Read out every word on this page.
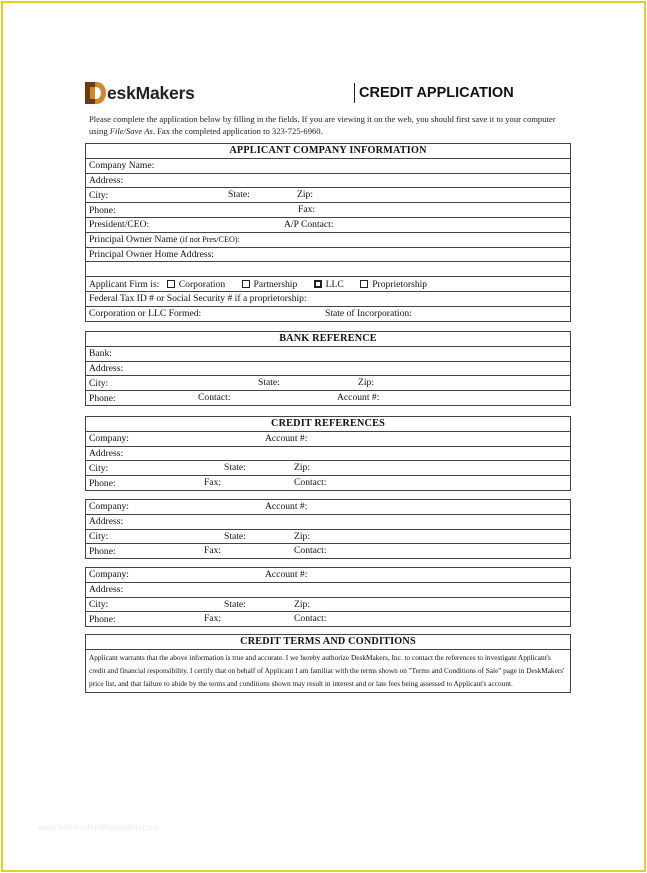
eskMakers	CREDIT APPLICATION
Please complete the application below by filling in the fields. If you are viewing it on the web, you should first save it to your computer using File/Save As. Fax the completed application to 323-725-6960.
APPLICANT COMPANY INFORMATION
Company Name:
Address:
City:	State:	Zip:

Phone:	Fax:

President/CEO:	A/P Contact:

Principal Owner Name (if not Pres/CEO):
Principal Owner Home Address:

Applicant Firm is: Corporation	Partnership	LLC	Proprietorship
Federal Tax ID # or Social Security # if a proprietorship:
Corporation or LLC Formed:	State of Incorporation:
BANK REFERENCE
Bank:
Address:
City:	State:	Zip:

Phone:	Contact:	Account #:
CREDIT REFERENCES
Company:	Account #:

Address:
City:	State:	Zip:

Phone:	Fax:	Contact:
Company:	Account #:

Address:
City:	State:	Zip:

Phone:	Fax:	Contact:
Company:	Account #:

Address:
City:	State:	Zip:

Phone:	Fax:	Contact:
CREDIT TERMS AND CONDITIONS
Applicant warrants that the above information is true and accurate. I we hereby authorize DeskMakers, Inc. to contact the references to investigate Applicant's credit and financial responsibility. I certify that on behalf of Applicant I am familiar with the terms shown on "Terms and Conditions of Sale" page in DeskMakers' price list, and that failure to abide by the terms and conditions shown may result in interest and or late fees being assessed to Applicant's account.
www.hertierschoolfoundation.com
